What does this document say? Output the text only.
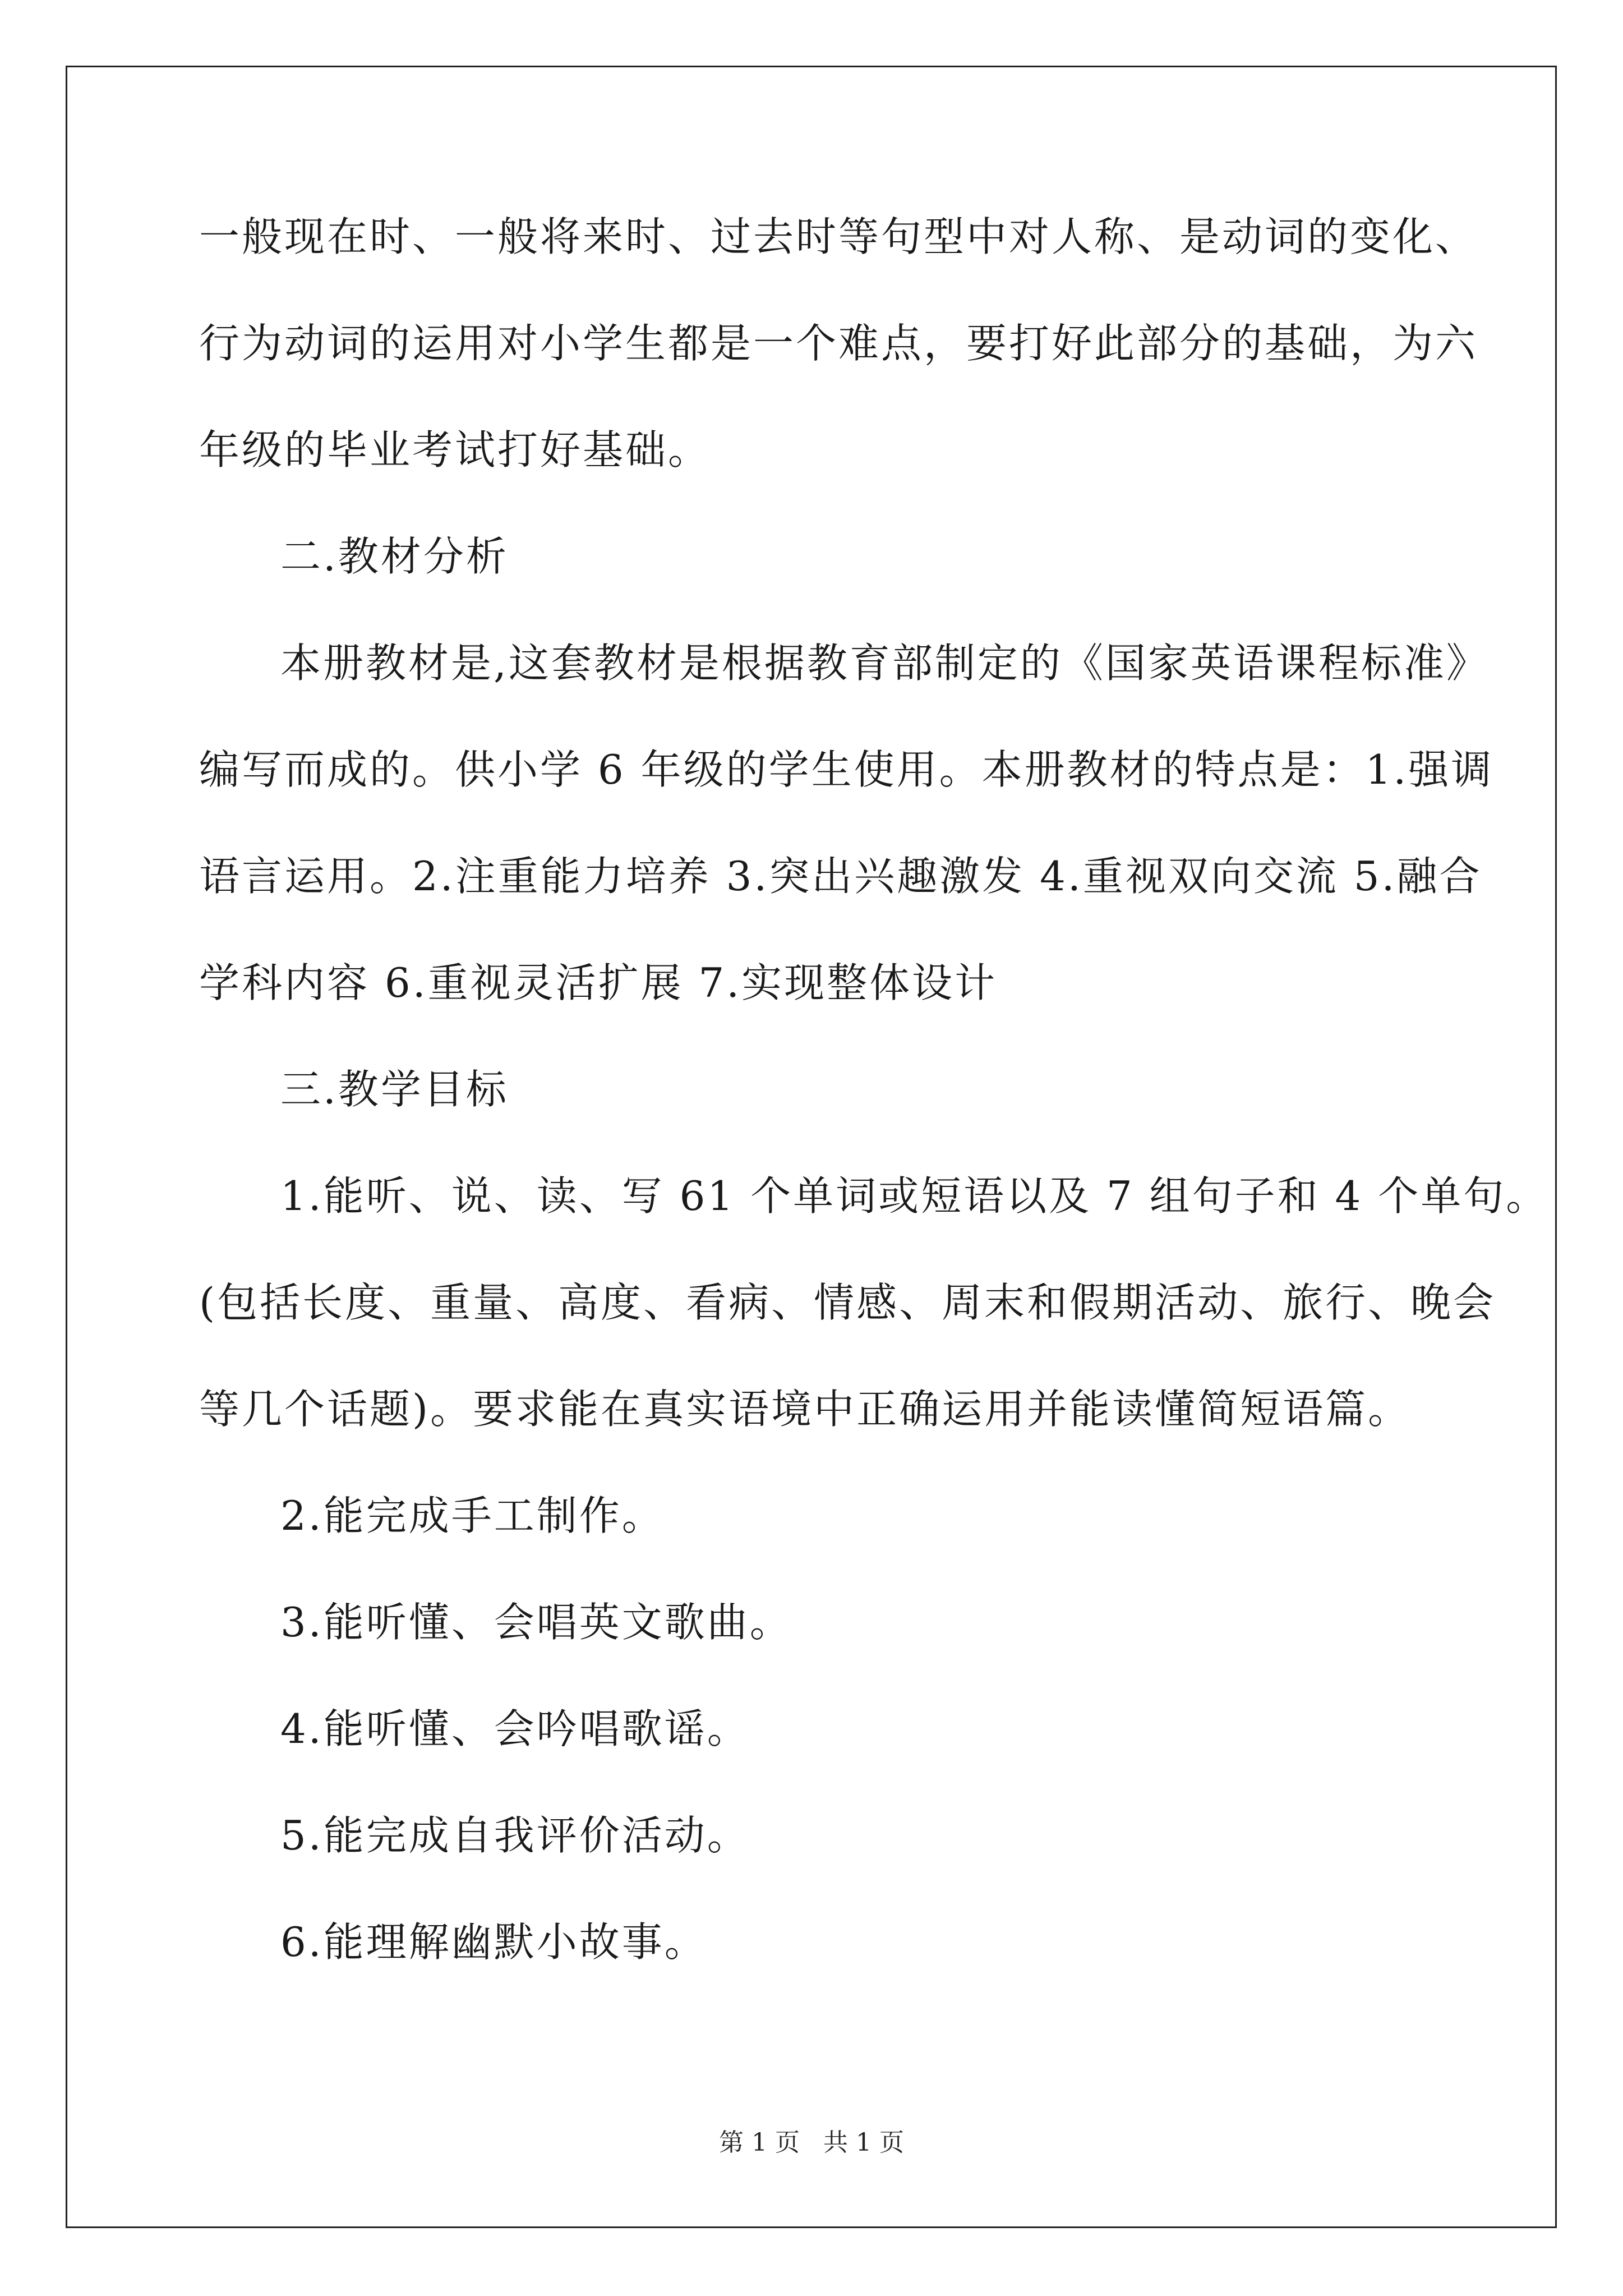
一般现在时、一般将来时、过去时等句型中对人称、是动词的变化、
行为动词的运用对小学生都是一个难点，要打好此部分的基础，为六
年级的毕业考试打好基础。
二.教材分析
本册教材是,这套教材是根据教育部制定的《国家英语课程标准》
编写而成的。供小学 6 年级的学生使用。本册教材的特点是：1.强调
语言运用。2.注重能力培养 3.突出兴趣激发 4.重视双向交流 5.融合
学科内容 6.重视灵活扩展 7.实现整体设计
三.教学目标
1.能听、说、读、写 61 个单词或短语以及 7 组句子和 4 个单句。
(包括长度、重量、高度、看病、情感、周末和假期活动、旅行、晚会
等几个话题)。要求能在真实语境中正确运用并能读懂简短语篇。
2.能完成手工制作。
3.能听懂、会唱英文歌曲。
4.能听懂、会吟唱歌谣。
5.能完成自我评价活动。
6.能理解幽默小故事。
第 1 页 共 1 页
